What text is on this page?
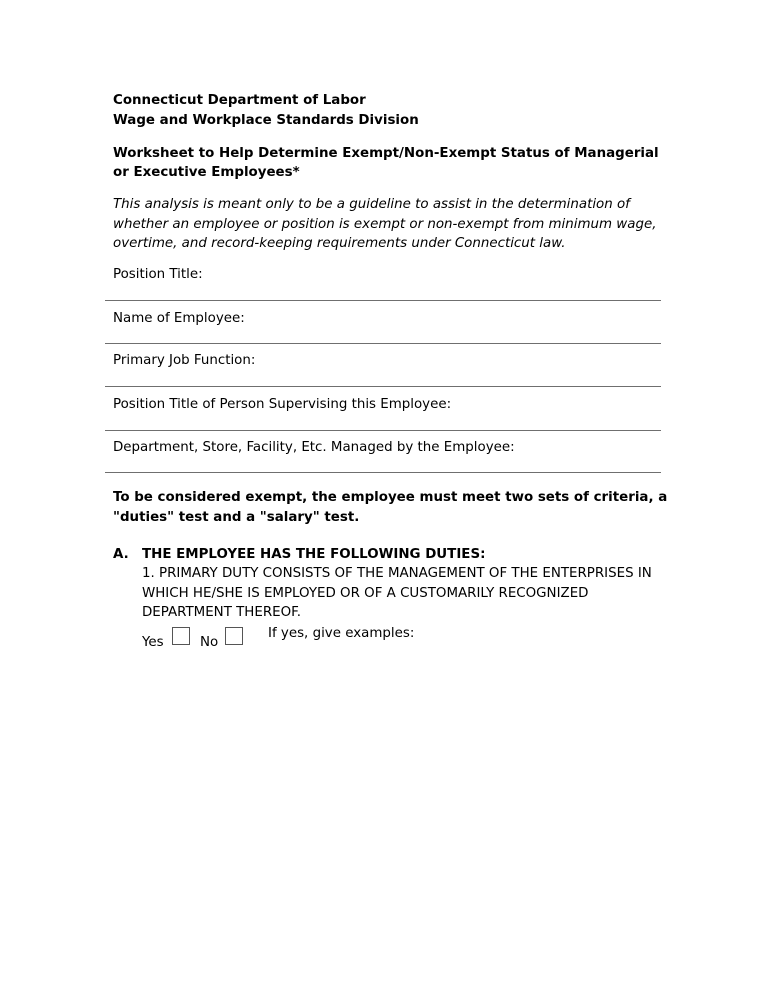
Connecticut Department of Labor
Wage and Workplace Standards Division
Worksheet to Help Determine Exempt/Non-Exempt Status of Managerial or Executive Employees*
This analysis is meant only to be a guideline to assist in the determination of whether an employee or position is exempt or non-exempt from minimum wage, overtime, and record-keeping requirements under Connecticut law.
Position Title:
Name of Employee:
Primary Job Function:
Position Title of Person Supervising this Employee:
Department, Store, Facility, Etc. Managed by the Employee:
To be considered exempt, the employee must meet two sets of criteria, a "duties" test and a "salary" test.
A. THE EMPLOYEE HAS THE FOLLOWING DUTIES:
1. PRIMARY DUTY CONSISTS OF THE MANAGEMENT OF THE ENTERPRISES IN WHICH HE/SHE IS EMPLOYED OR OF A CUSTOMARILY RECOGNIZED DEPARTMENT THEREOF.
Yes	No
If yes, give examples:
